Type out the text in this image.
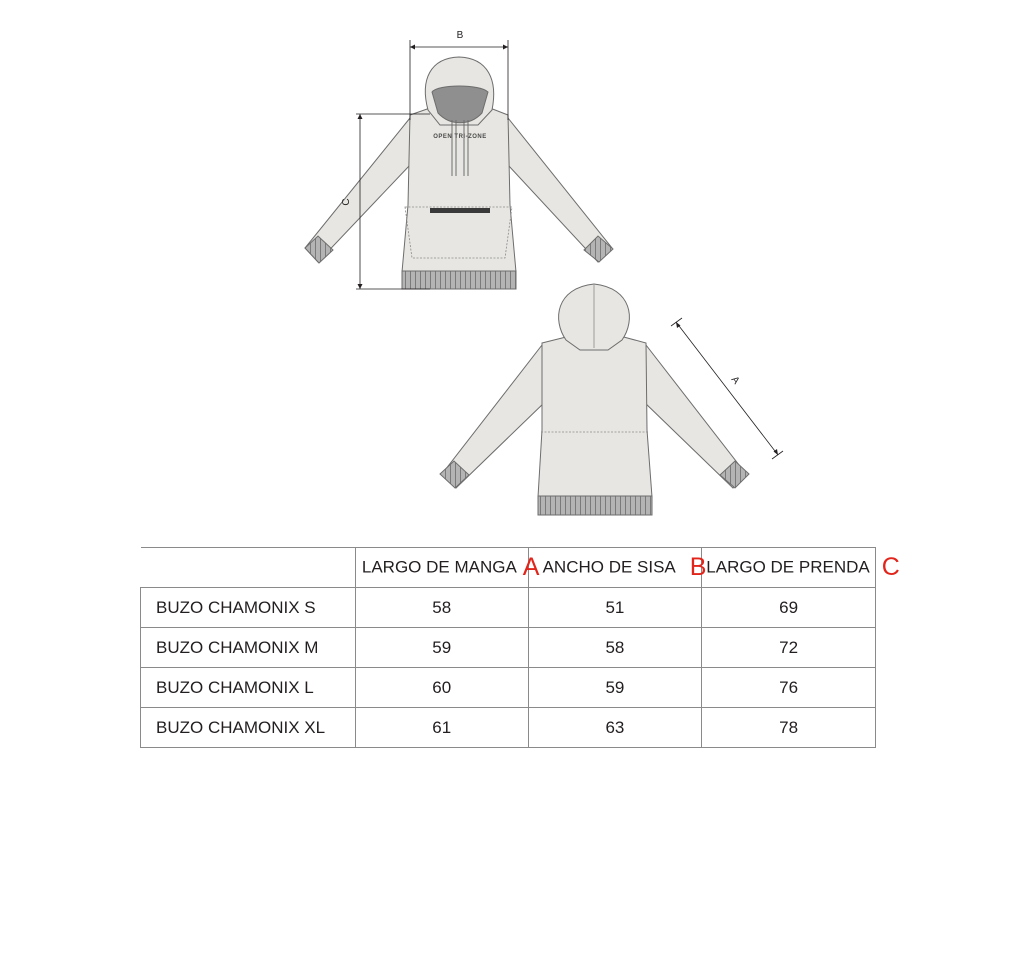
OPEN TRI-ZONE
B
C
A
	LARGO DE MANGA A	ANCHO DE SISA B	LARGO DE PRENDA C
BUZO CHAMONIX S	58	51	69
BUZO CHAMONIX M	59	58	72
BUZO CHAMONIX L	60	59	76
BUZO CHAMONIX XL	61	63	78
